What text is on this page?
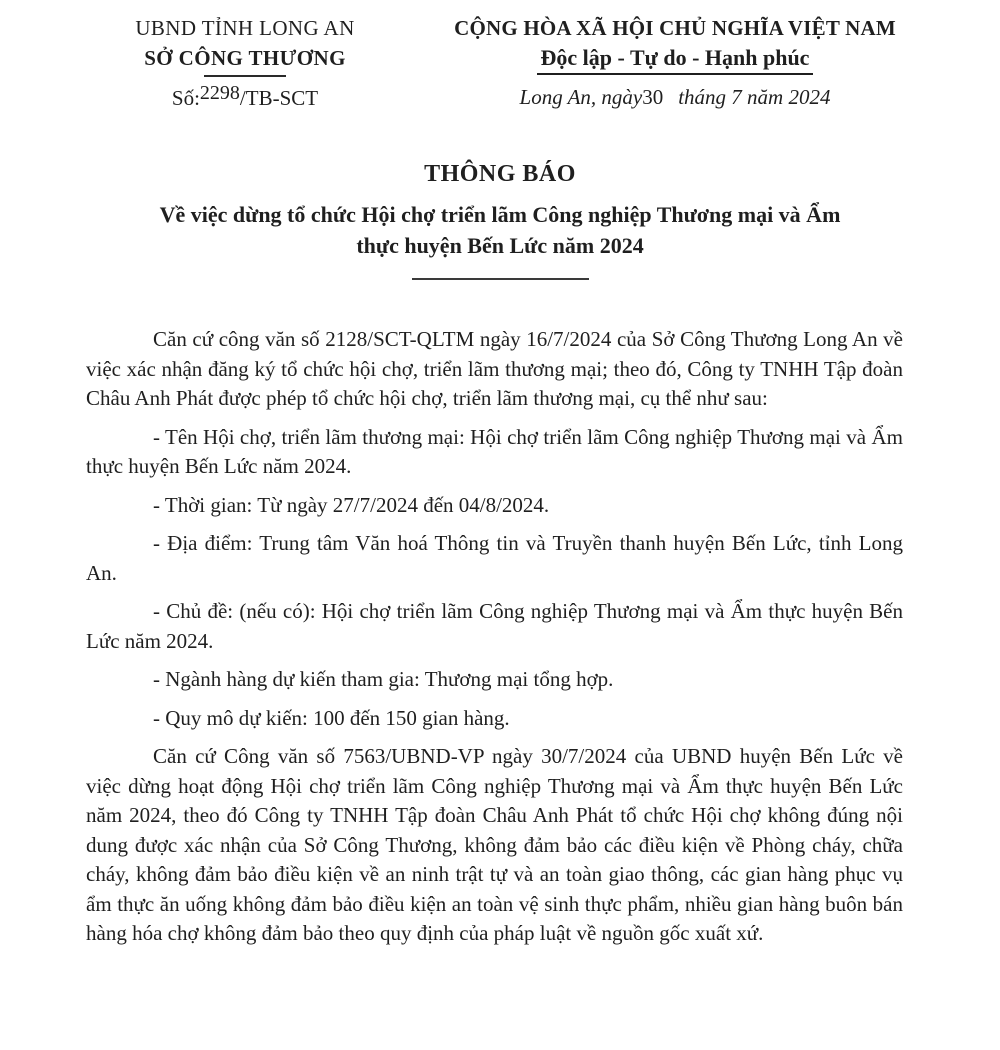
UBND TỈNH LONG AN
SỞ CÔNG THƯƠNG
Số:2298/TB-SCT
CỘNG HÒA XÃ HỘI CHỦ NGHĨA VIỆT NAM
Độc lập - Tự do - Hạnh phúc
Long An, ngày30 tháng 7 năm 2024
THÔNG BÁO
Về việc dừng tổ chức Hội chợ triển lãm Công nghiệp Thương mại và Ẩm
thực huyện Bến Lức năm 2024

Căn cứ công văn số 2128/SCT-QLTM ngày 16/7/2024 của Sở Công Thương Long An về việc xác nhận đăng ký tổ chức hội chợ, triển lãm thương mại; theo đó, Công ty TNHH Tập đoàn Châu Anh Phát được phép tổ chức hội chợ, triển lãm thương mại, cụ thể như sau:

- Tên Hội chợ, triển lãm thương mại: Hội chợ triển lãm Công nghiệp Thương mại và Ẩm thực huyện Bến Lức năm 2024.

- Thời gian: Từ ngày 27/7/2024 đến 04/8/2024.

- Địa điểm: Trung tâm Văn hoá Thông tin và Truyền thanh huyện Bến Lức, tỉnh Long An.

- Chủ đề: (nếu có): Hội chợ triển lãm Công nghiệp Thương mại và Ẩm thực huyện Bến Lức năm 2024.

- Ngành hàng dự kiến tham gia: Thương mại tổng hợp.

- Quy mô dự kiến: 100 đến 150 gian hàng.

Căn cứ Công văn số 7563/UBND-VP ngày 30/7/2024 của UBND huyện Bến Lức về việc dừng hoạt động Hội chợ triển lãm Công nghiệp Thương mại và Ẩm thực huyện Bến Lức năm 2024, theo đó Công ty TNHH Tập đoàn Châu Anh Phát tổ chức Hội chợ không đúng nội dung được xác nhận của Sở Công Thương, không đảm bảo các điều kiện về Phòng cháy, chữa cháy, không đảm bảo điều kiện về an ninh trật tự và an toàn giao thông, các gian hàng phục vụ ẩm thực ăn uống không đảm bảo điều kiện an toàn vệ sinh thực phẩm, nhiều gian hàng buôn bán hàng hóa chợ không đảm bảo theo quy định của pháp luật về nguồn gốc xuất xứ.
